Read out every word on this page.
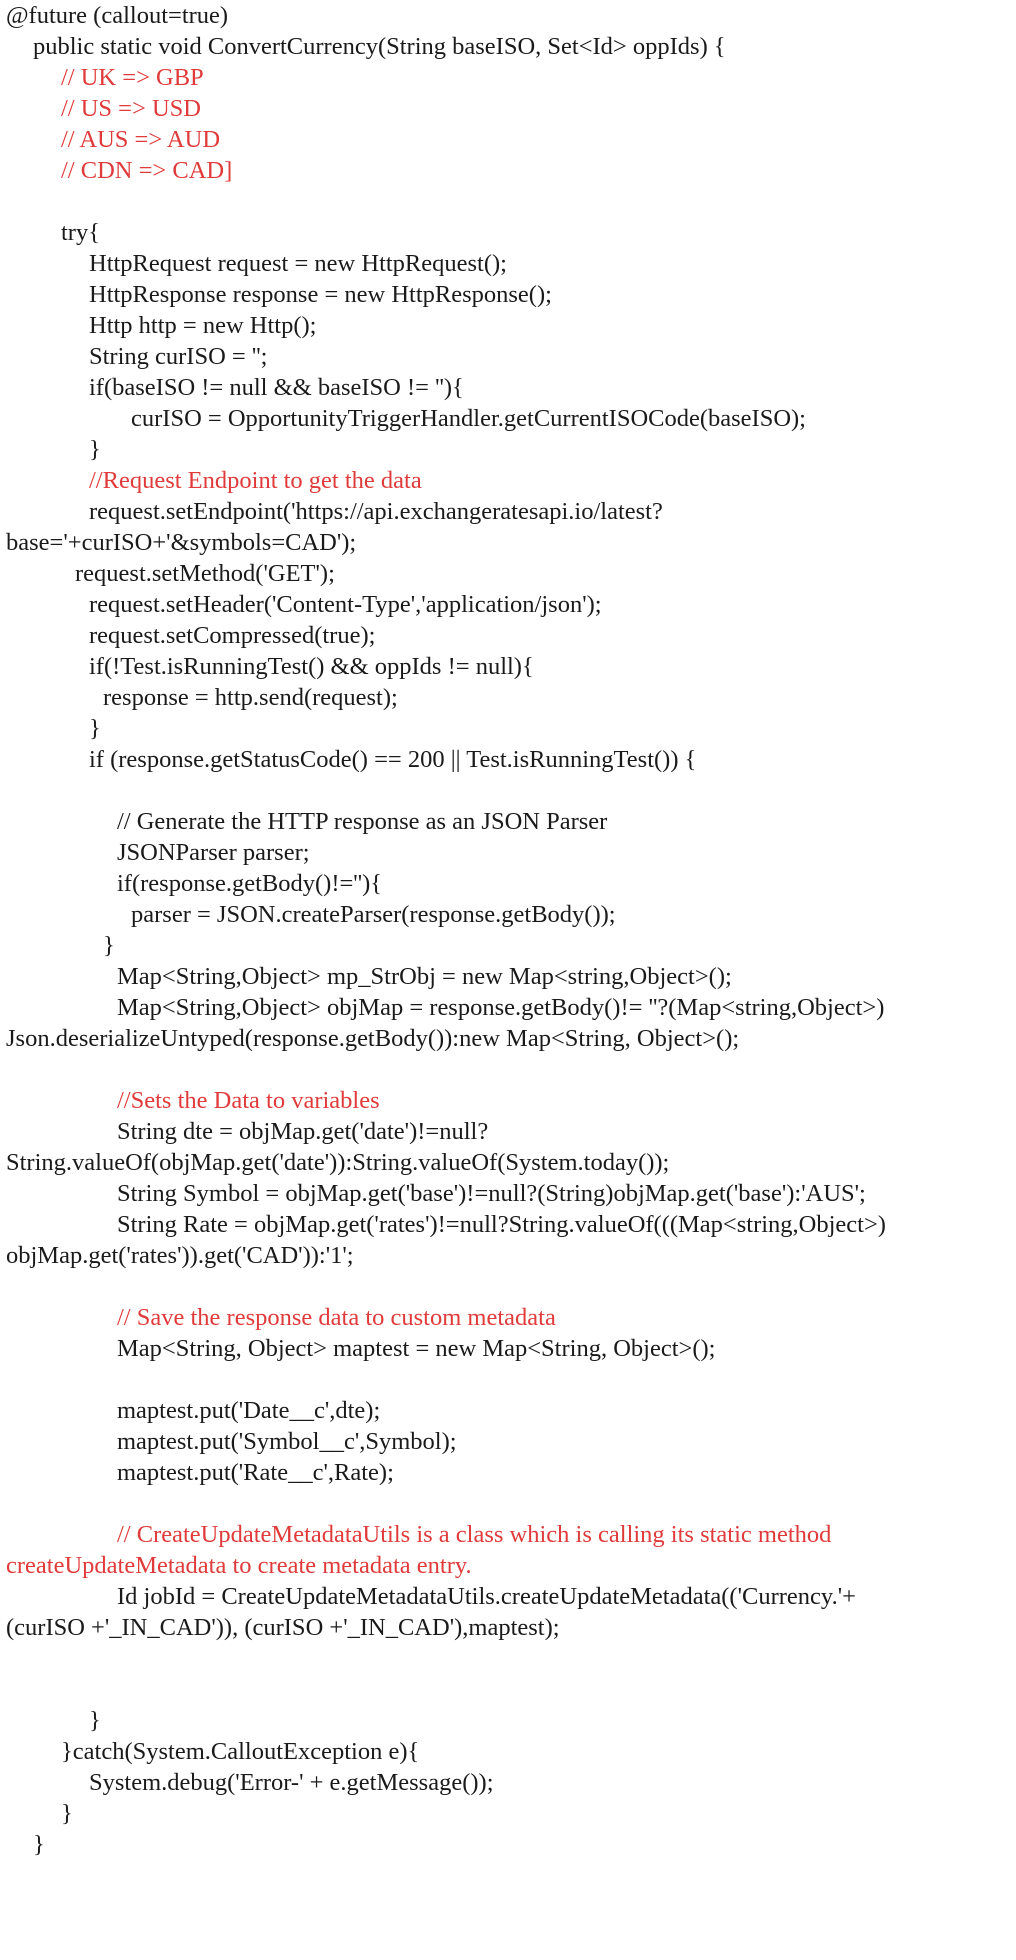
@future (callout=true)
public static void ConvertCurrency(String baseISO, Set<Id> oppIds) {
// UK => GBP
// US => USD
// AUS => AUD
// CDN => CAD]
try{
HttpRequest request = new HttpRequest();
HttpResponse response = new HttpResponse();
Http http = new Http();
String curISO = '';
if(baseISO != null && baseISO != ''){
curISO = OpportunityTriggerHandler.getCurrentISOCode(baseISO);
}
//Request Endpoint to get the data
request.setEndpoint('https://api.exchangeratesapi.io/latest?
base='+curISO+'&symbols=CAD');
request.setMethod('GET');
request.setHeader('Content-Type','application/json');
request.setCompressed(true);
if(!Test.isRunningTest() && oppIds != null){
response = http.send(request);
}
if (response.getStatusCode() == 200 || Test.isRunningTest()) {
// Generate the HTTP response as an JSON Parser
JSONParser parser;
if(response.getBody()!=''){
parser = JSON.createParser(response.getBody());
}
Map<String,Object> mp_StrObj = new Map<string,Object>();
Map<String,Object> objMap = response.getBody()!= ''?(Map<string,Object>)
Json.deserializeUntyped(response.getBody()):new Map<String, Object>();
//Sets the Data to variables
String dte = objMap.get('date')!=null?
String.valueOf(objMap.get('date')):String.valueOf(System.today());
String Symbol = objMap.get('base')!=null?(String)objMap.get('base'):'AUS';
String Rate = objMap.get('rates')!=null?String.valueOf(((Map<string,Object>)
objMap.get('rates')).get('CAD')):'1';
// Save the response data to custom metadata
Map<String, Object> maptest = new Map<String, Object>();
maptest.put('Date__c',dte);
maptest.put('Symbol__c',Symbol);
maptest.put('Rate__c',Rate);
// CreateUpdateMetadataUtils is a class which is calling its static method
createUpdateMetadata to create metadata entry.
Id jobId = CreateUpdateMetadataUtils.createUpdateMetadata(('Currency.'+
(curISO +'_IN_CAD')), (curISO +'_IN_CAD'),maptest);
}
}catch(System.CalloutException e){
System.debug('Error-' + e.getMessage());
}
}
